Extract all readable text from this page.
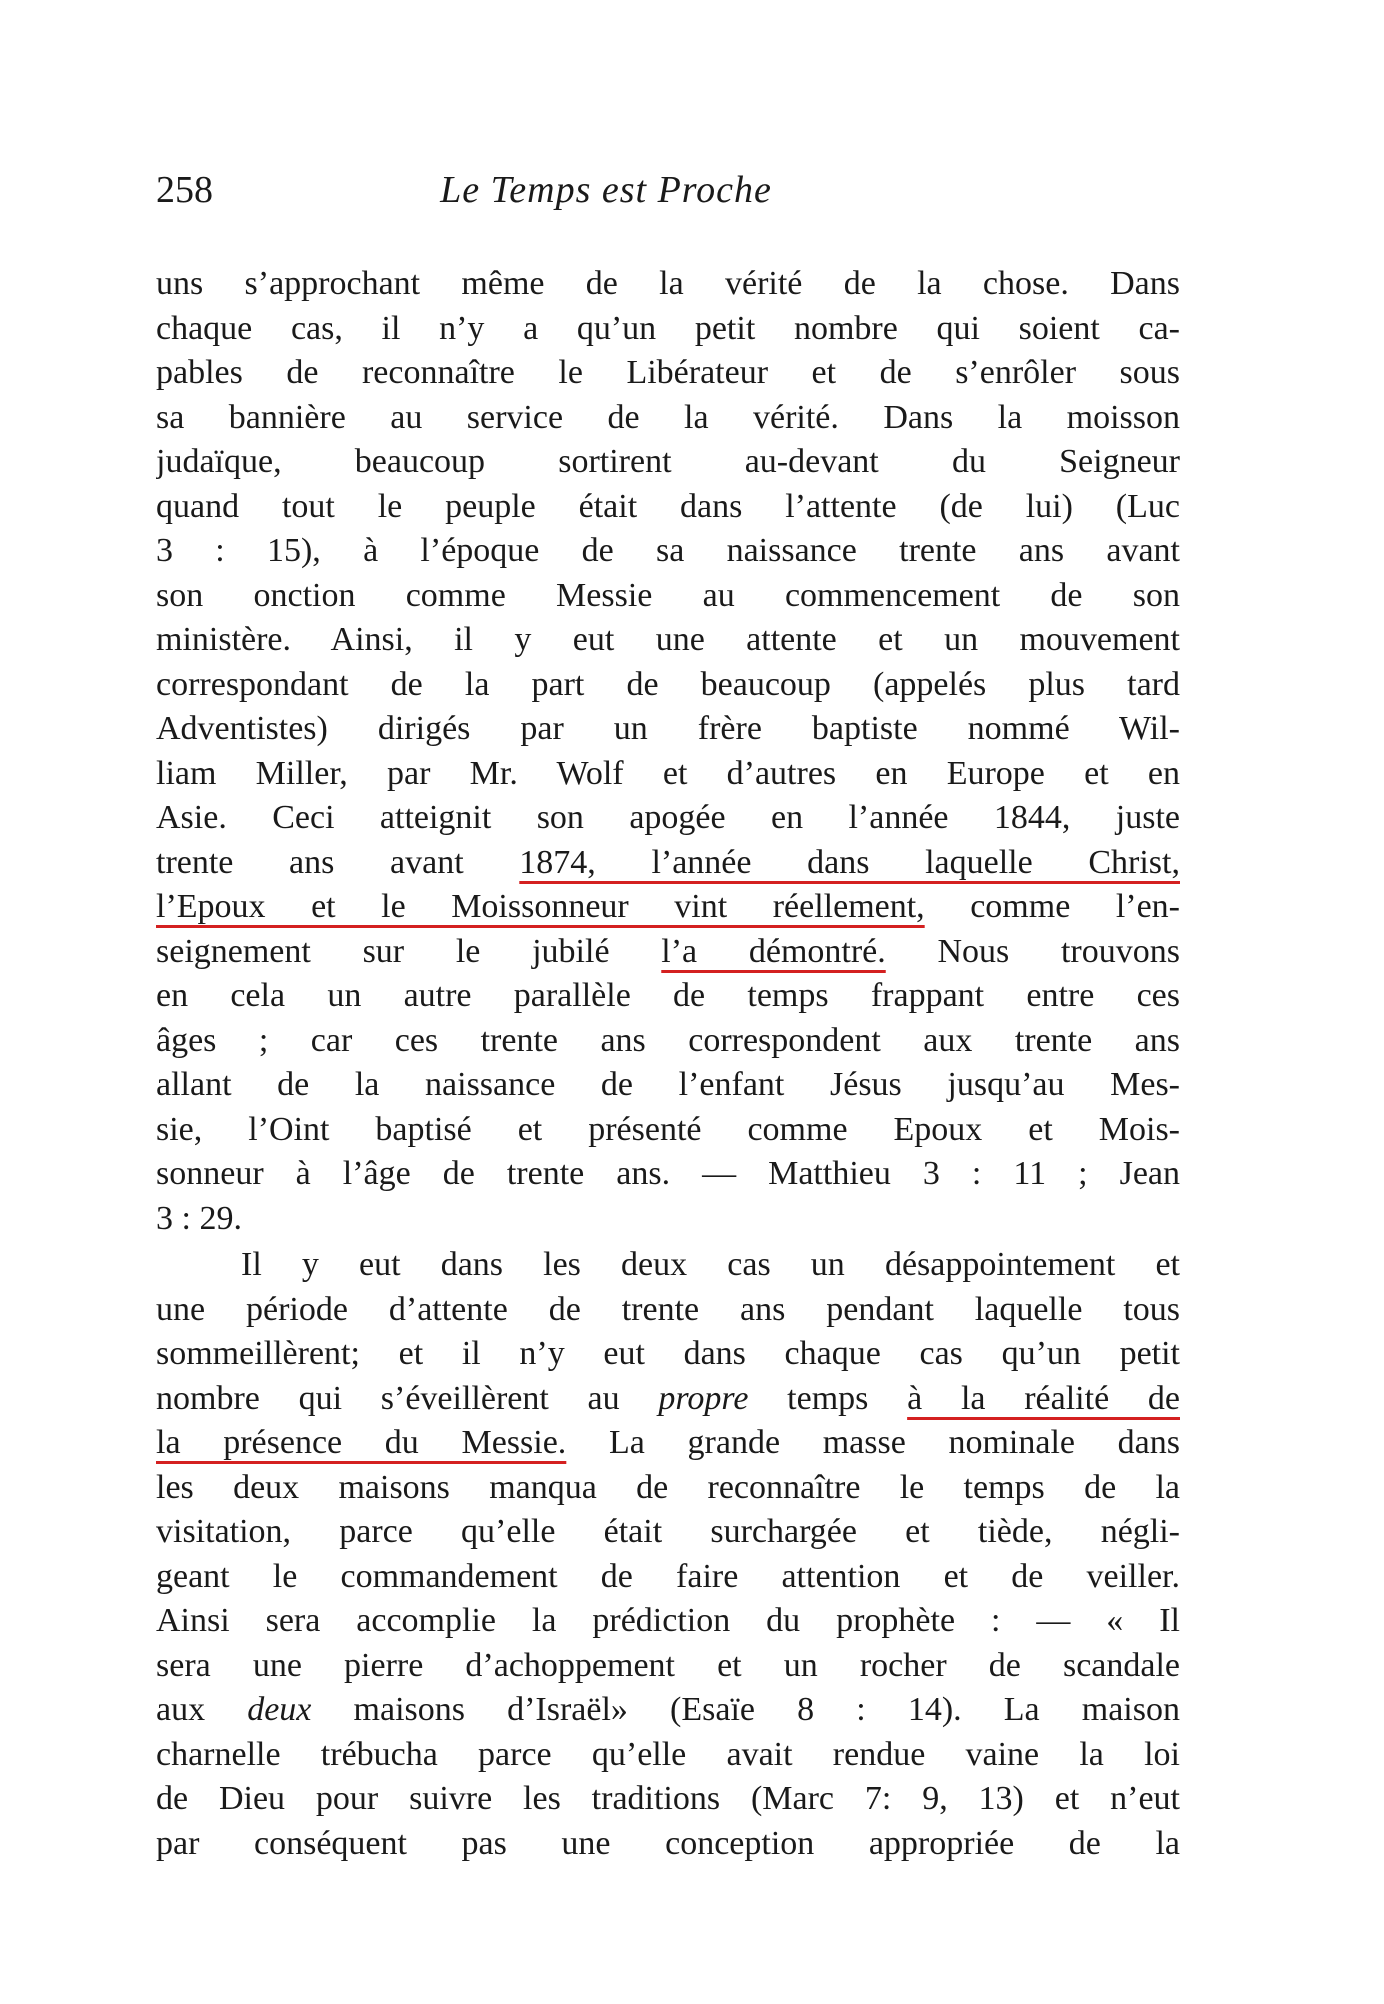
258	Le Temps est Proche
uns s’approchant même de la vérité de la chose. Dans
chaque cas, il n’y a qu’un petit nombre qui soient ca-
pables de reconnaître le Libérateur et de s’enrôler sous
sa bannière au service de la vérité. Dans la moisson
judaïque, beaucoup sortirent au-devant du Seigneur
quand tout le peuple était dans l’attente (de lui) (Luc
3 : 15), à l’époque de sa naissance trente ans avant
son onction comme Messie au commencement de son
ministère. Ainsi, il y eut une attente et un mouvement
correspondant de la part de beaucoup (appelés plus tard
Adventistes) dirigés par un frère baptiste nommé Wil-
liam Miller, par Mr. Wolf et d’autres en Europe et en
Asie. Ceci atteignit son apogée en l’année 1844, juste
trente ans avant 1874, l’année dans laquelle Christ,
l’Epoux et le Moissonneur vint réellement, comme l’en-
seignement sur le jubilé l’a démontré. Nous trouvons
en cela un autre parallèle de temps frappant entre ces
âges ; car ces trente ans correspondent aux trente ans
allant de la naissance de l’enfant Jésus jusqu’au Mes-
sie, l’Oint baptisé et présenté comme Epoux et Mois-
sonneur à l’âge de trente ans. — Matthieu 3 : 11 ; Jean
3 : 29.
Il y eut dans les deux cas un désappointement et
une période d’attente de trente ans pendant laquelle tous
sommeillèrent; et il n’y eut dans chaque cas qu’un petit
nombre qui s’éveillèrent au propre temps à la réalité de
la présence du Messie. La grande masse nominale dans
les deux maisons manqua de reconnaître le temps de la
visitation, parce qu’elle était surchargée et tiède, négli-
geant le commandement de faire attention et de veiller.
Ainsi sera accomplie la prédiction du prophète : — « Il
sera une pierre d’achoppement et un rocher de scandale
aux deux maisons d’Israël» (Esaïe 8 : 14). La maison
charnelle trébucha parce qu’elle avait rendue vaine la loi
de Dieu pour suivre les traditions (Marc 7: 9, 13) et n’eut
par conséquent pas une conception appropriée de la
